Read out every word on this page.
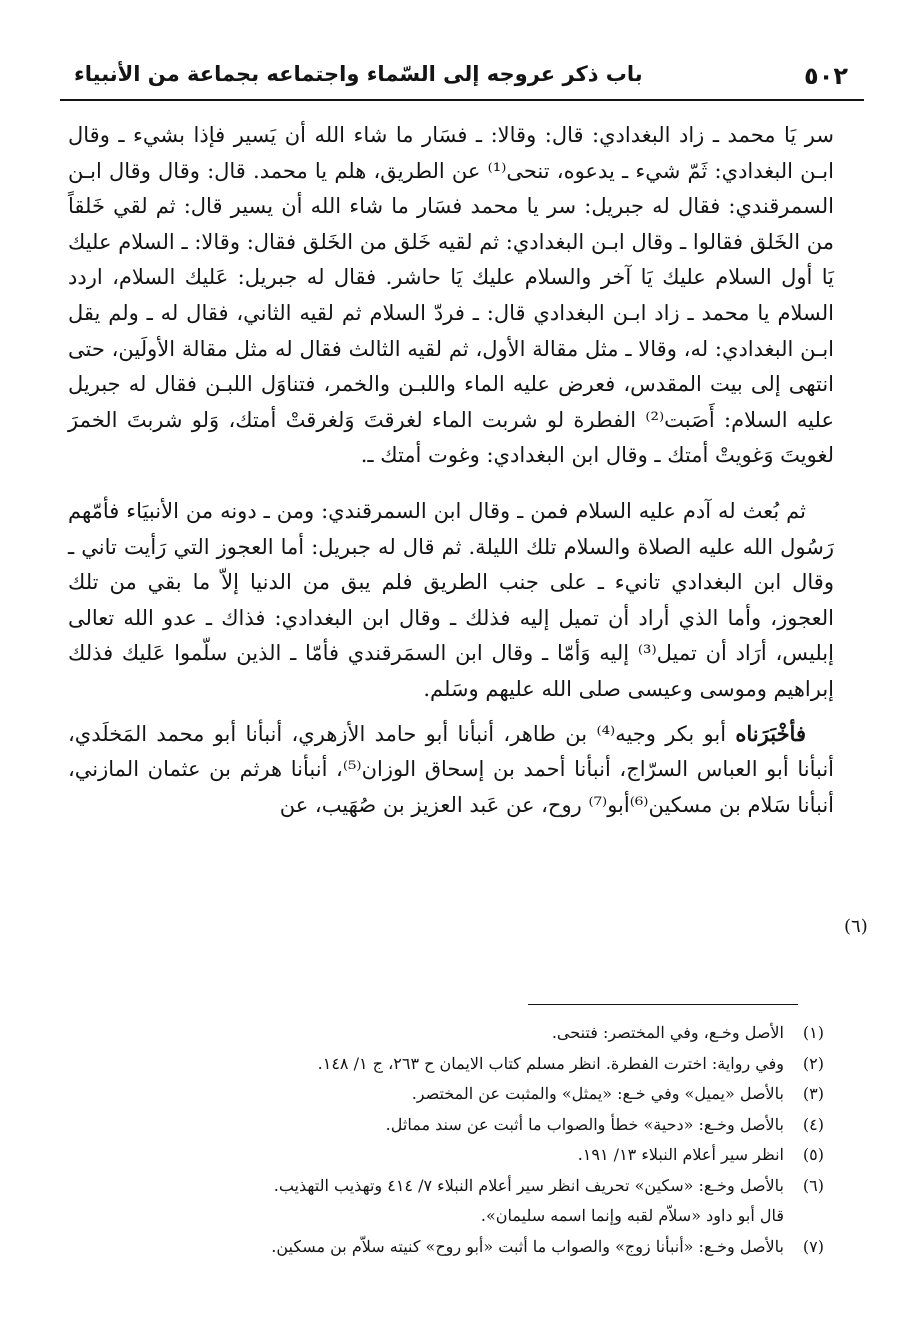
٥٠٢
باب ذكر عروجه إلى السّماء واجتماعه بجماعة من الأنبياء

سر يَا محمد ـ زاد البغدادي: قال: وقالا: ـ فسَار ما شاء الله أن يَسير فإذا بشيء ـ وقال ابـن البغدادي: ثَمّ شيء ـ يدعوه، تنحى⁽¹⁾ عن الطريق، هلم يا محمد. قال: وقال وقال ابـن السمرقندي: فقال له جبريل: سر يا محمد فسَار ما شاء الله أن يسير قال: ثم لقي خَلقاً من الخَلق فقالوا ـ وقال ابـن البغدادي: ثم لقيه خَلق من الخَلق فقال: وقالا: ـ السلام عليك يَا أول السلام عليك يَا آخر والسلام عليك يَا حاشر. فقال له جبريل: عَليك السلام، اردد السلام يا محمد ـ زاد ابـن البغدادي قال: ـ فردّ السلام ثم لقيه الثاني، فقال له ـ ولم يقل ابـن البغدادي: له، وقالا ـ مثل مقالة الأول، ثم لقيه الثالث فقال له مثل مقالة الأولَين، حتى انتهى إلى بيت المقدس، فعرض عليه الماء واللبـن والخمر، فتناوَل اللبـن فقال له جبريل عليه السلام: أَصَبت⁽²⁾ الفطرة لو شربت الماء لغرقتَ وَلغرقتْ أمتك، وَلو شربتَ الخمرَ لغويتَ وَغويتْ أمتك ـ وقال ابن البغدادي: وغوت أمتك ـ.

ثم بُعث له آدم عليه السلام فمن ـ وقال ابن السمرقندي: ومن ـ دونه من الأنبيَاء فأمّهم رَسُول الله عليه الصلاة والسلام تلك الليلة. ثم قال له جبريل: أما العجوز التي رَأيت تاني ـ وقال ابن البغدادي تانيء ـ على جنب الطريق فلم يبق من الدنيا إلاّ ما بقي من تلك العجوز، وأما الذي أراد أن تميل إليه فذلك ـ وقال ابن البغدادي: فذاك ـ عدو الله تعالى إبليس، أرَاد أن تميل⁽³⁾ إليه وَأمّا ـ وقال ابن السمَرقندي فأمّا ـ الذين سلّموا عَليك فذلك إبراهيم وموسى وعيسى صلى الله عليهم وسَلم.

فأخْبَرَناه أبو بكر وجيه⁽⁴⁾ بن طاهر، أنبأنا أبو حامد الأزهري، أنبأنا أبو محمد المَخلَدي، أنبأنا أبو العباس السرّاج، أنبأنا أحمد بن إسحاق الوزان⁽⁵⁾، أنبأنا هرثم بن عثمان المازني، أنبأنا سَلام بن مسكين⁽⁶⁾أبو⁽⁷⁾ روح، عن عَبد العزيز بن صُهَيب، عن

(٦)
(١)
الأصل وخـع، وفي المختصر: فتنحى.
(٢)
وفي رواية: اخترت الفطرة. انظر مسلم كتاب الايمان ح ٢٦٣، ج ١/ ١٤٨.
(٣)
بالأصل «يميل» وفي خـع: «يمثل» والمثبت عن المختصر.
(٤)
بالأصل وخـع: «دحية» خطأ والصواب ما أثبت عن سند مماثل.
(٥)
انظر سير أعلام النبلاء ١٣/ ١٩١.
(٦)
بالأصل وخـع: «سكين» تحريف انظر سير أعلام النبلاء ٧/ ٤١٤ وتهذيب التهذيب.
قال أبو داود «سلاّم لقبه وإنما اسمه سليمان».
(٧)
بالأصل وخـع: «أنبأنا زوج» والصواب ما أثبت «أبو روح» كنيته سلاّم بن مسكين.
